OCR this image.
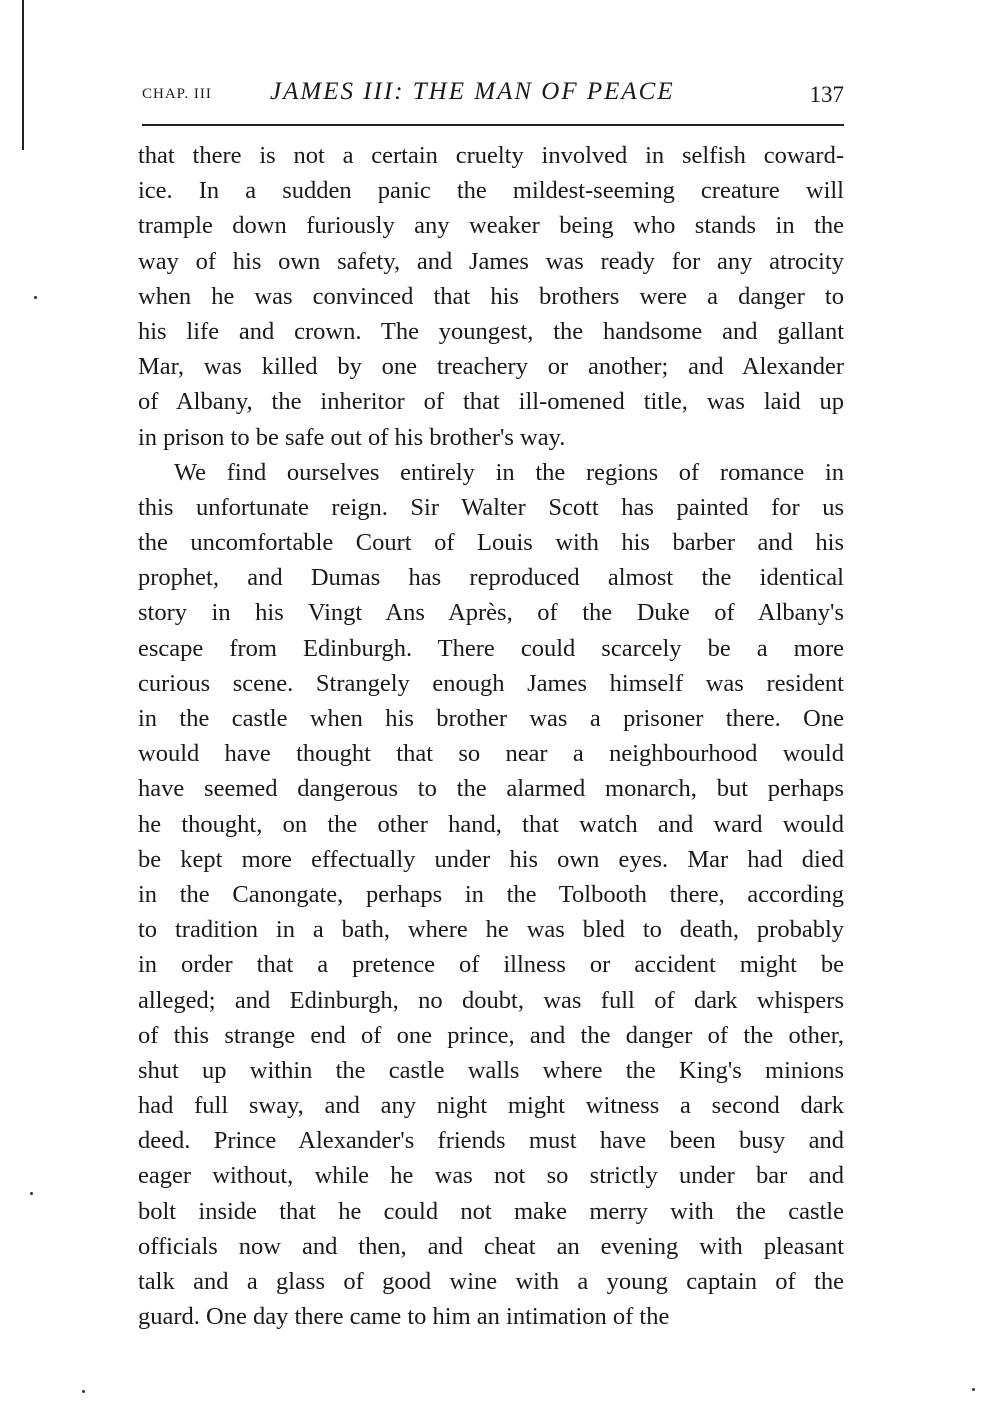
CHAP. III JAMES III: THE MAN OF PEACE	137
that there is not a certain cruelty involved in selfish coward-
ice. In a sudden panic the mildest-seeming creature will
trample down furiously any weaker being who stands in the
way of his own safety, and James was ready for any atrocity
when he was convinced that his brothers were a danger to
his life and crown. The youngest, the handsome and gallant
Mar, was killed by one treachery or another; and Alexander
of Albany, the inheritor of that ill-omened title, was laid up
in prison to be safe out of his brother's way.
We find ourselves entirely in the regions of romance in
this unfortunate reign. Sir Walter Scott has painted for us
the uncomfortable Court of Louis with his barber and his
prophet, and Dumas has reproduced almost the identical
story in his Vingt Ans Après, of the Duke of Albany's
escape from Edinburgh. There could scarcely be a more
curious scene. Strangely enough James himself was resident
in the castle when his brother was a prisoner there. One
would have thought that so near a neighbourhood would
have seemed dangerous to the alarmed monarch, but perhaps
he thought, on the other hand, that watch and ward would
be kept more effectually under his own eyes. Mar had died
in the Canongate, perhaps in the Tolbooth there, according
to tradition in a bath, where he was bled to death, probably
in order that a pretence of illness or accident might be
alleged; and Edinburgh, no doubt, was full of dark whispers
of this strange end of one prince, and the danger of the other,
shut up within the castle walls where the King's minions
had full sway, and any night might witness a second dark
deed. Prince Alexander's friends must have been busy and
eager without, while he was not so strictly under bar and
bolt inside that he could not make merry with the castle
officials now and then, and cheat an evening with pleasant
talk and a glass of good wine with a young captain of the
guard. One day there came to him an intimation of the
